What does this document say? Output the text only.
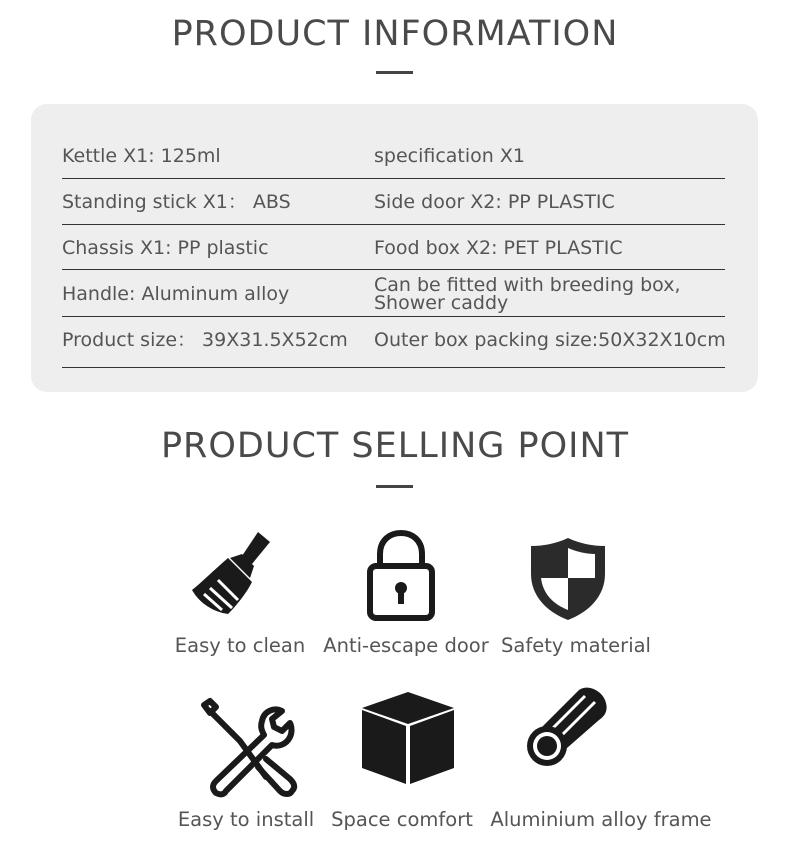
PRODUCT INFORMATION
Kettle X1: 125ml	specification X1
Standing stick X1： ABS	Side door X2: PP PLASTIC
Chassis X1: PP plastic	Food box X2: PET PLASTIC
Handle: Aluminum alloy	Can be fitted with breeding box,
Shower caddy
Product size： 39X31.5X52cm Outer box packing size:50X32X10cm
PRODUCT SELLING POINT
Easy to clean Anti-escape door Safety material
Easy to install Space comfort Aluminium alloy frame
